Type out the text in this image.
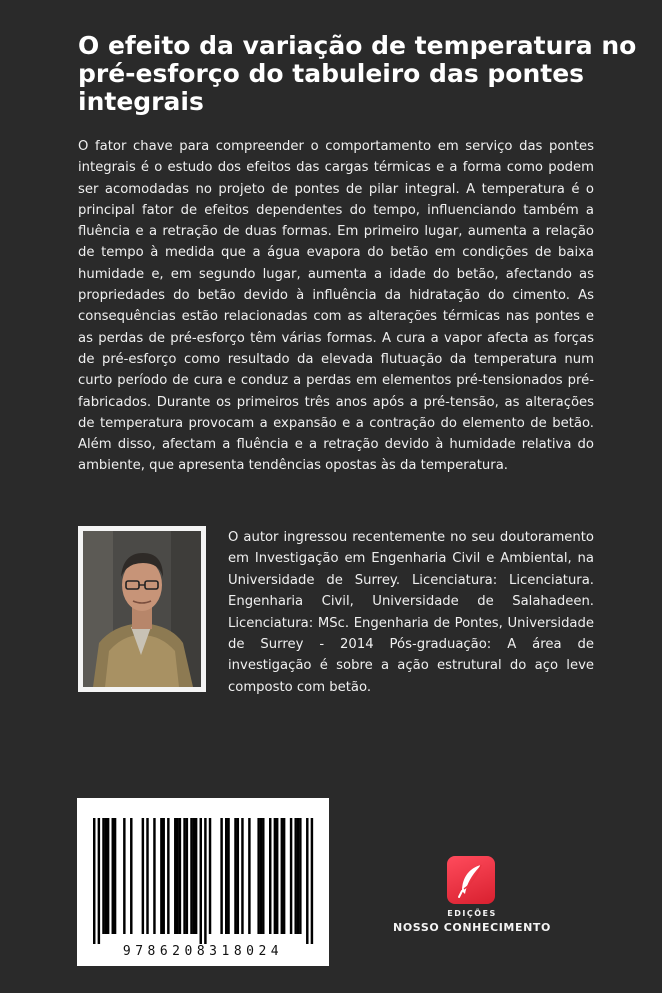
O efeito da variação de temperatura no pré-esforço do tabuleiro das pontes integrais

O fator chave para compreender o comportamento em serviço das pontes integrais é o estudo dos efeitos das cargas térmicas e a forma como podem ser acomodadas no projeto de pontes de pilar integral. A temperatura é o principal fator de efeitos dependentes do tempo, influenciando também a fluência e a retração de duas formas. Em primeiro lugar, aumenta a relação de tempo à medida que a água evapora do betão em condições de baixa humidade e, em segundo lugar, aumenta a idade do betão, afectando as propriedades do betão devido à influência da hidratação do cimento. As consequências estão relacionadas com as alterações térmicas nas pontes e as perdas de pré-esforço têm várias formas. A cura a vapor afecta as forças de pré-esforço como resultado da elevada flutuação da temperatura num curto período de cura e conduz a perdas em elementos pré-tensionados pré-fabricados. Durante os primeiros três anos após a pré-tensão, as alterações de temperatura provocam a expansão e a contração do elemento de betão. Além disso, afectam a fluência e a retração devido à humidade relativa do ambiente, que apresenta tendências opostas às da temperatura.

O autor ingressou recentemente no seu doutoramento em Investigação em Engenharia Civil e Ambiental, na Universidade de Surrey. Licenciatura: Licenciatura. Engenharia Civil, Universidade de Salahadeen. Licenciatura: MSc. Engenharia de Pontes, Universidade de Surrey - 2014 Pós-graduação: A área de investigação é sobre a ação estrutural do aço leve composto com betão.

9786208318024
EDIÇÕES
NOSSO CONHECIMENTO
